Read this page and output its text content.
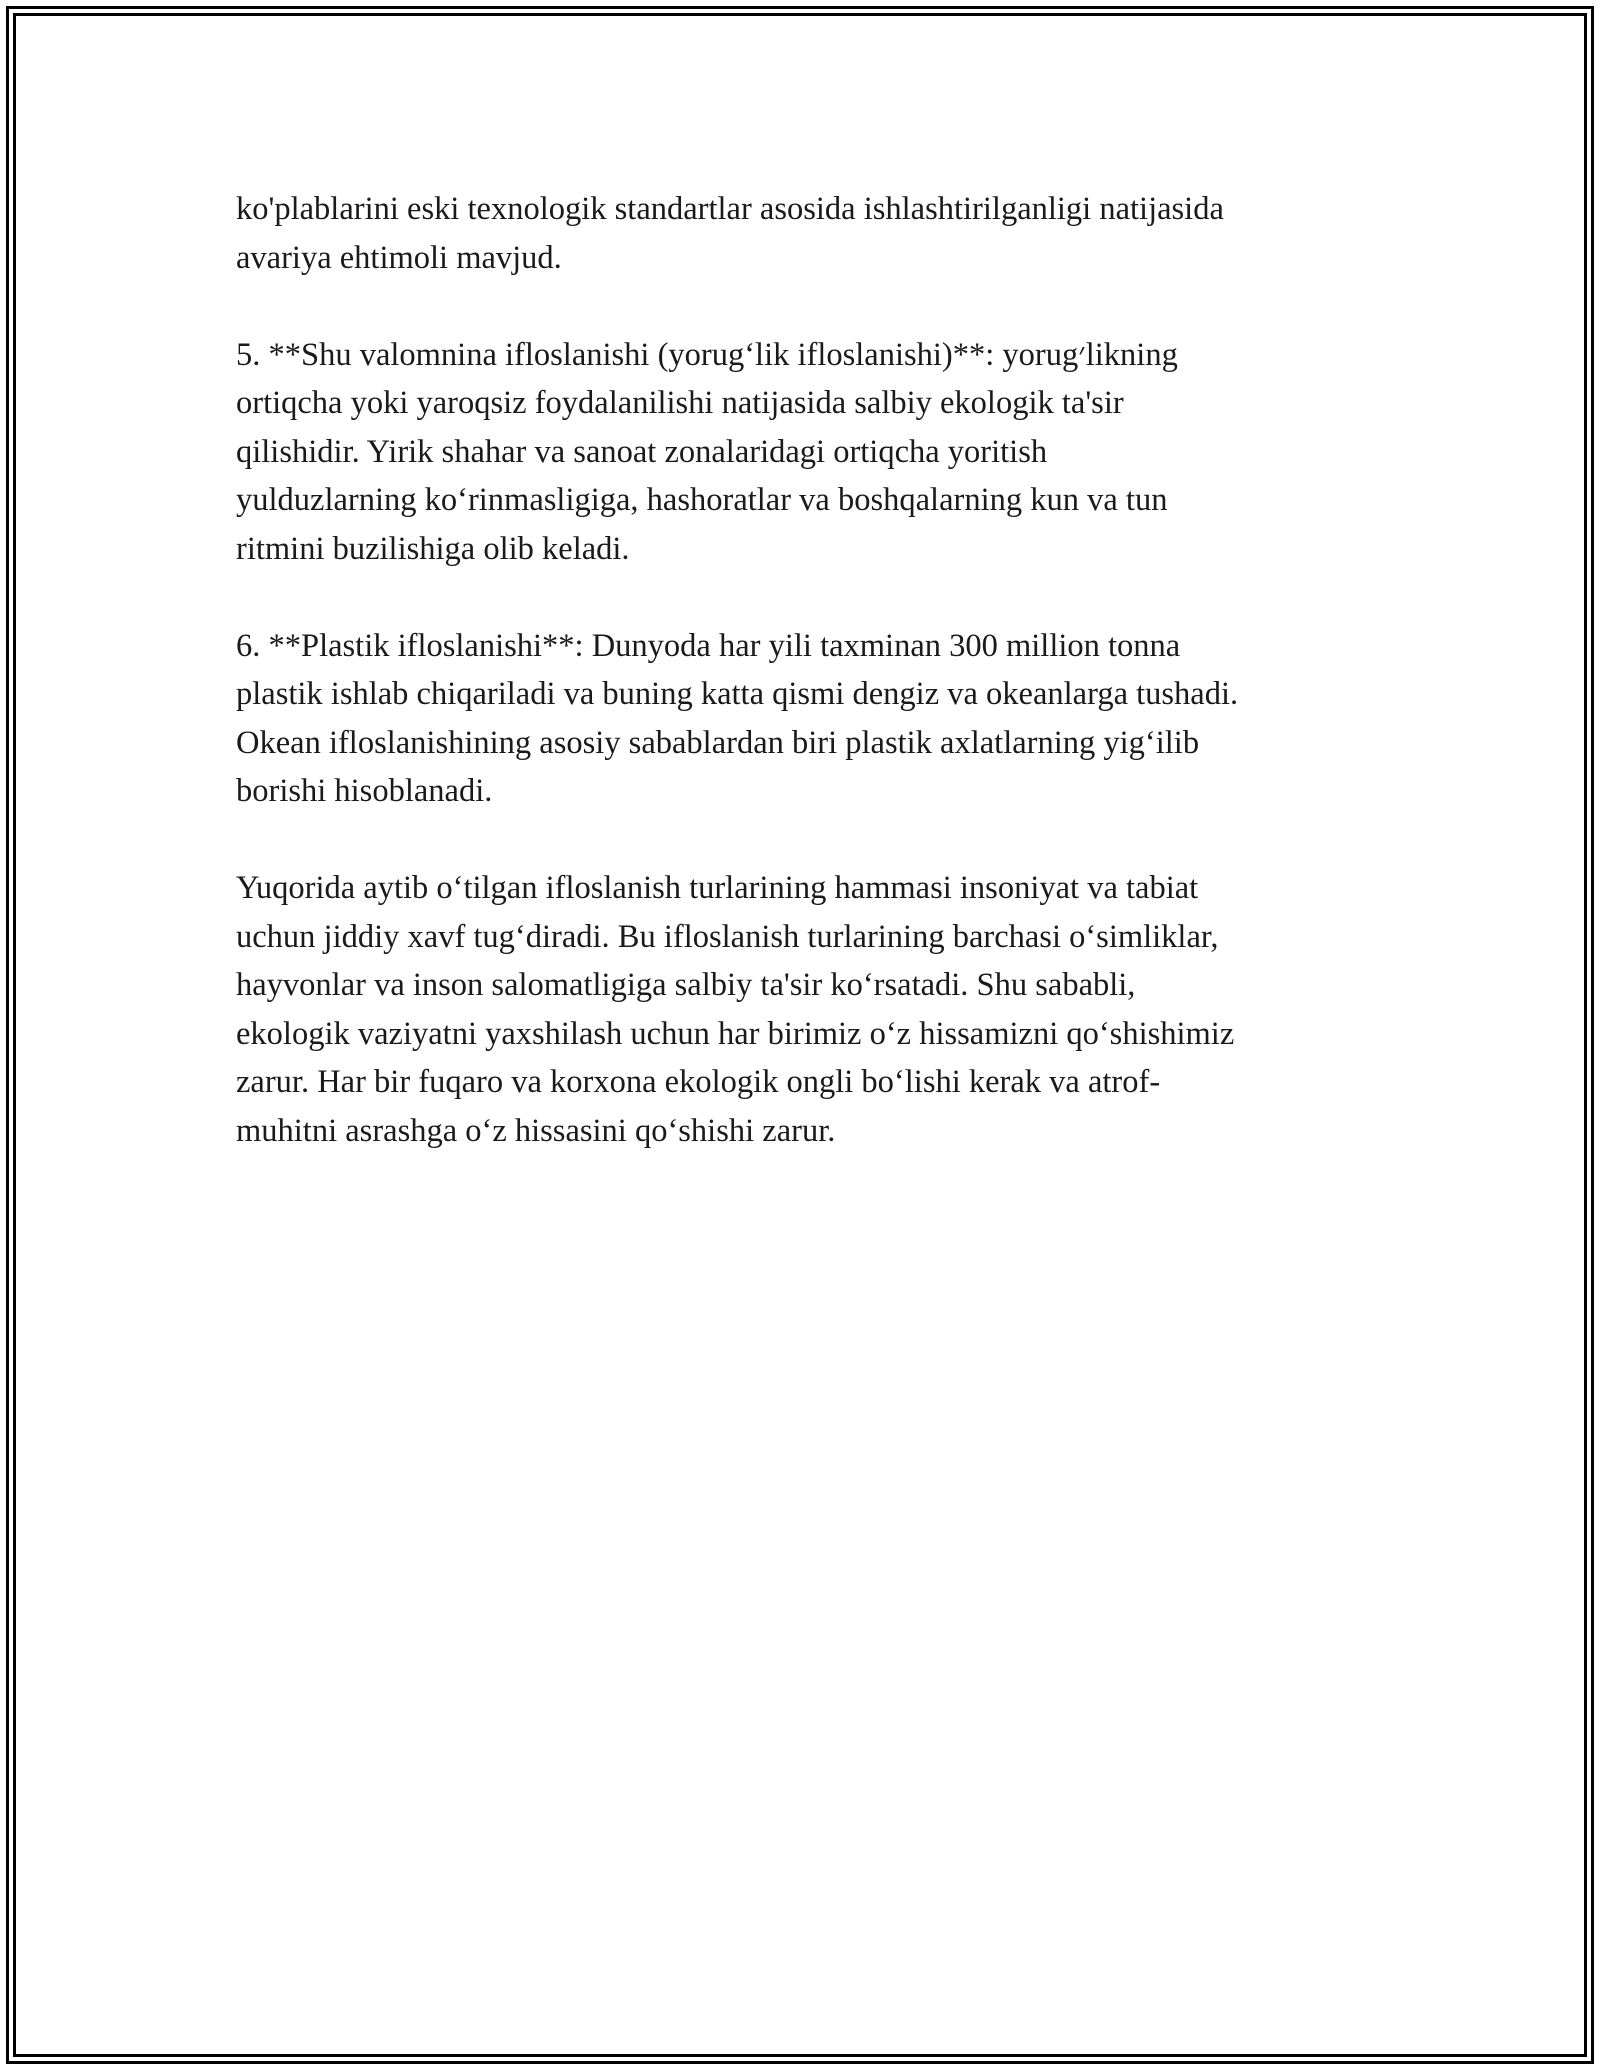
ko'plablarini eski texnologik standartlar asosida ishlashtirilganligi natijasida
avariya ehtimoli mavjud.

5. **Shu valomnina ifloslanishi (yorug‘lik ifloslanishi)**: yorug׳likning
ortiqcha yoki yaroqsiz foydalanilishi natijasida salbiy ekologik ta'sir
qilishidir. Yirik shahar va sanoat zonalaridagi ortiqcha yoritish
yulduzlarning ko‘rinmasligiga, hashoratlar va boshqalarning kun va tun
ritmini buzilishiga olib keladi.

6. **Plastik ifloslanishi**: Dunyoda har yili taxminan 300 million tonna
plastik ishlab chiqariladi va buning katta qismi dengiz va okeanlarga tushadi.
Okean ifloslanishining asosiy sabablardan biri plastik axlatlarning yig‘ilib
borishi hisoblanadi.

Yuqorida aytib o‘tilgan ifloslanish turlarining hammasi insoniyat va tabiat
uchun jiddiy xavf tug‘diradi. Bu ifloslanish turlarining barchasi o‘simliklar,
hayvonlar va inson salomatligiga salbiy ta'sir ko‘rsatadi. Shu sababli,
ekologik vaziyatni yaxshilash uchun har birimiz o‘z hissamizni qo‘shishimiz
zarur. Har bir fuqaro va korxona ekologik ongli bo‘lishi kerak va atrof-
muhitni asrashga o‘z hissasini qo‘shishi zarur.
